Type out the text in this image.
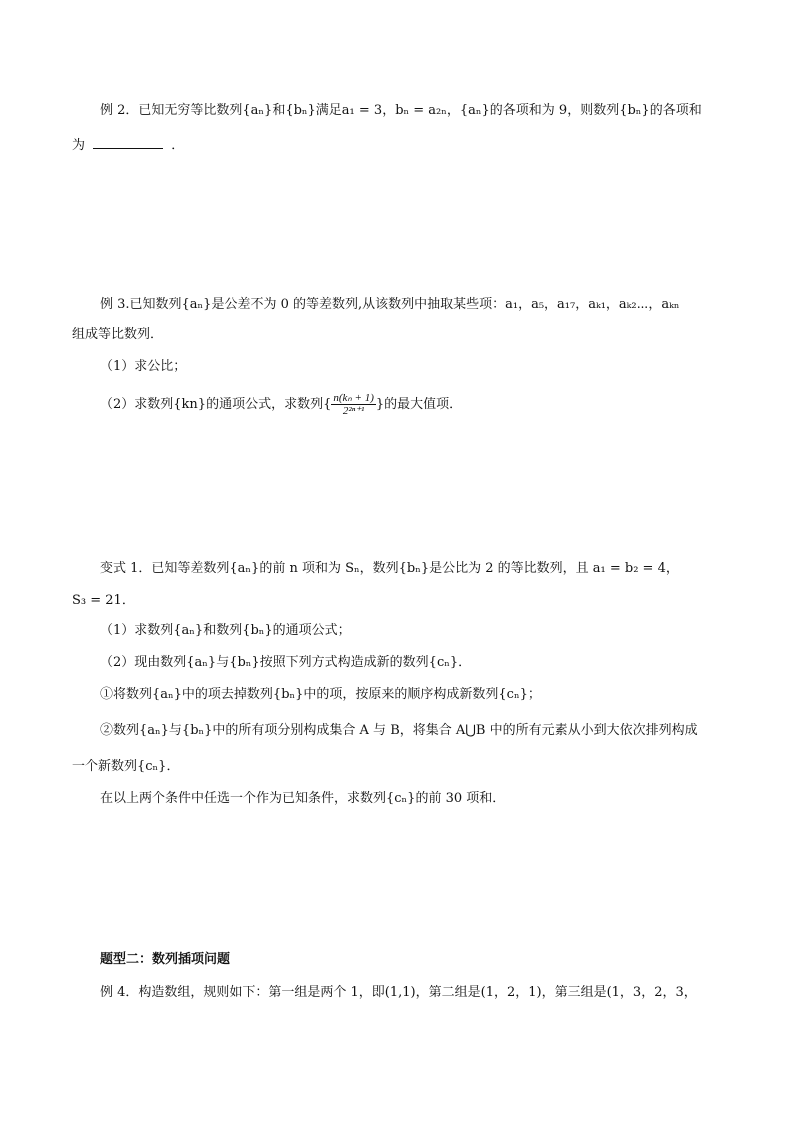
例 2．已知无穷等比数列{aₙ}和{bₙ}满足a₁ = 3，bₙ = a₂ₙ，{aₙ}的各项和为 9，则数列{bₙ}的各项和
为	．
例 3.已知数列{aₙ}是公差不为 0 的等差数列,从该数列中抽取某些项：a₁，a₅，a₁₇，aₖ₁，aₖ₂⋯，aₖₙ
组成等比数列．
（1）求公比；
（2）求数列{kn}的通项公式，求数列{ $\frac{\text{n(kₙ + 1)}}{\text{2²ⁿ⁺¹}}$ }的最大值项．
变式 1．已知等差数列{aₙ}的前 n 项和为 Sₙ，数列{bₙ}是公比为 2 的等比数列，且 a₁ = b₂ = 4，
S₃ = 21．
（1）求数列{aₙ}和数列{bₙ}的通项公式；
（2）现由数列{aₙ}与{bₙ}按照下列方式构造成新的数列{cₙ}．
①将数列{aₙ}中的项去掉数列{bₙ}中的项，按原来的顺序构成新数列{cₙ}；
②数列{aₙ}与{bₙ}中的所有项分别构成集合 A 与 B，将集合 A⋃B 中的所有元素从小到大依次排列构成
一个新数列{cₙ}．
在以上两个条件中任选一个作为已知条件，求数列{cₙ}的前 30 项和．
题型二：数列插项问题
例 4．构造数组，规则如下：第一组是两个 1，即(1,1)，第二组是(1，2，1)，第三组是(1，3，2，3，
